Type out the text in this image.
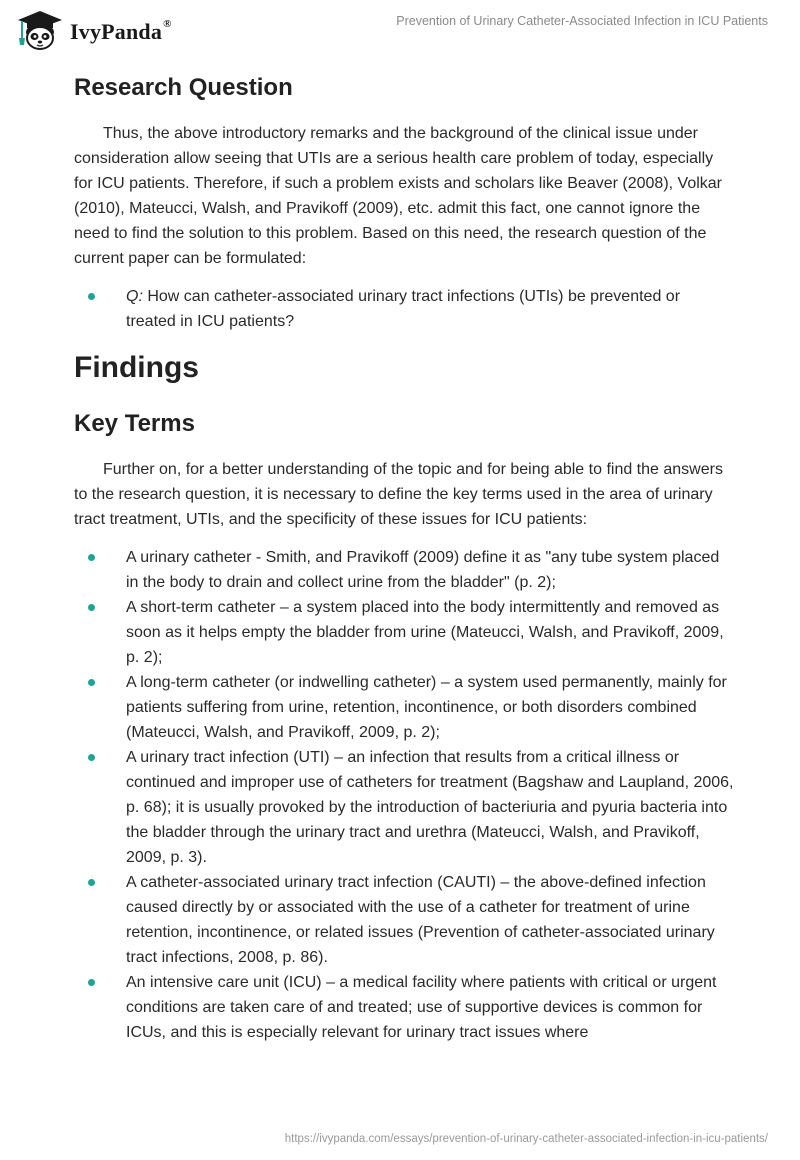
IvyPanda®	Prevention of Urinary Catheter-Associated Infection in ICU Patients
Research Question

Thus, the above introductory remarks and the background of the clinical issue under consideration allow seeing that UTIs are a serious health care problem of today, especially for ICU patients. Therefore, if such a problem exists and scholars like Beaver (2008), Volkar (2010), Mateucci, Walsh, and Pravikoff (2009), etc. admit this fact, one cannot ignore the need to find the solution to this problem. Based on this need, the research question of the current paper can be formulated:

Q: How can catheter-associated urinary tract infections (UTIs) be prevented or treated in ICU patients?
Findings
Key Terms

Further on, for a better understanding of the topic and for being able to find the answers to the research question, it is necessary to define the key terms used in the area of urinary tract treatment, UTIs, and the specificity of these issues for ICU patients:

A urinary catheter - Smith, and Pravikoff (2009) define it as "any tube system placed in the body to drain and collect urine from the bladder" (p. 2);
A short-term catheter – a system placed into the body intermittently and removed as soon as it helps empty the bladder from urine (Mateucci, Walsh, and Pravikoff, 2009, p. 2);
A long-term catheter (or indwelling catheter) – a system used permanently, mainly for patients suffering from urine, retention, incontinence, or both disorders combined (Mateucci, Walsh, and Pravikoff, 2009, p. 2);
A urinary tract infection (UTI) – an infection that results from a critical illness or continued and improper use of catheters for treatment (Bagshaw and Laupland, 2006, p. 68); it is usually provoked by the introduction of bacteriuria and pyuria bacteria into the bladder through the urinary tract and urethra (Mateucci, Walsh, and Pravikoff, 2009, p. 3).
A catheter-associated urinary tract infection (CAUTI) – the above-defined infection caused directly by or associated with the use of a catheter for treatment of urine retention, incontinence, or related issues (Prevention of catheter-associated urinary tract infections, 2008, p. 86).
An intensive care unit (ICU) – a medical facility where patients with critical or urgent conditions are taken care of and treated; use of supportive devices is common for ICUs, and this is especially relevant for urinary tract issues where
https://ivypanda.com/essays/prevention-of-urinary-catheter-associated-infection-in-icu-patients/
